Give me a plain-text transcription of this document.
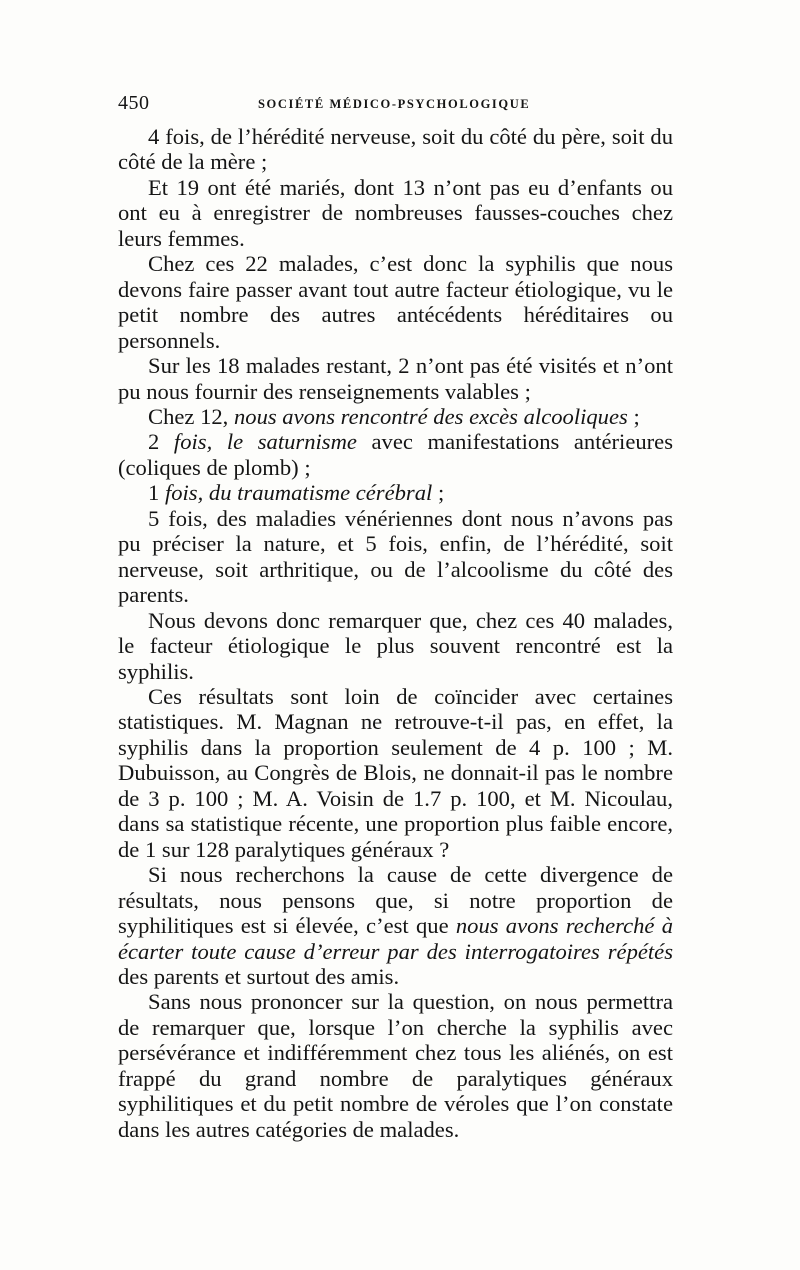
450	SOCIÉTÉ MÉDICO-PSYCHOLOGIQUE

4 fois, de l’hérédité nerveuse, soit du côté du père, soit du côté de la mère ;

Et 19 ont été mariés, dont 13 n’ont pas eu d’enfants ou ont eu à enregistrer de nombreuses fausses-couches chez leurs femmes.

Chez ces 22 malades, c’est donc la syphilis que nous devons faire passer avant tout autre facteur étiologique, vu le petit nombre des autres antécédents héréditaires ou personnels.

Sur les 18 malades restant, 2 n’ont pas été visités et n’ont pu nous fournir des renseignements valables ;

Chez 12, nous avons rencontré des excès alcooliques ;

2 fois, le saturnisme avec manifestations antérieures (coliques de plomb) ;

1 fois, du traumatisme cérébral ;

5 fois, des maladies vénériennes dont nous n’avons pas pu préciser la nature, et 5 fois, enfin, de l’hérédité, soit nerveuse, soit arthritique, ou de l’alcoolisme du côté des parents.

Nous devons donc remarquer que, chez ces 40 malades, le facteur étiologique le plus souvent rencontré est la syphilis.

Ces résultats sont loin de coïncider avec certaines statistiques. M. Magnan ne retrouve-t-il pas, en effet, la syphilis dans la proportion seulement de 4 p. 100 ; M. Dubuisson, au Congrès de Blois, ne donnait-il pas le nombre de 3 p. 100 ; M. A. Voisin de 1.7 p. 100, et M. Nicoulau, dans sa statistique récente, une proportion plus faible encore, de 1 sur 128 paralytiques généraux ?

Si nous recherchons la cause de cette divergence de résultats, nous pensons que, si notre proportion de syphilitiques est si élevée, c’est que nous avons recherché à écarter toute cause d’erreur par des interrogatoires répétés des parents et surtout des amis.

Sans nous prononcer sur la question, on nous permettra de remarquer que, lorsque l’on cherche la syphilis avec persévérance et indifféremment chez tous les aliénés, on est frappé du grand nombre de paralytiques généraux syphilitiques et du petit nombre de véroles que l’on constate dans les autres catégories de malades.
